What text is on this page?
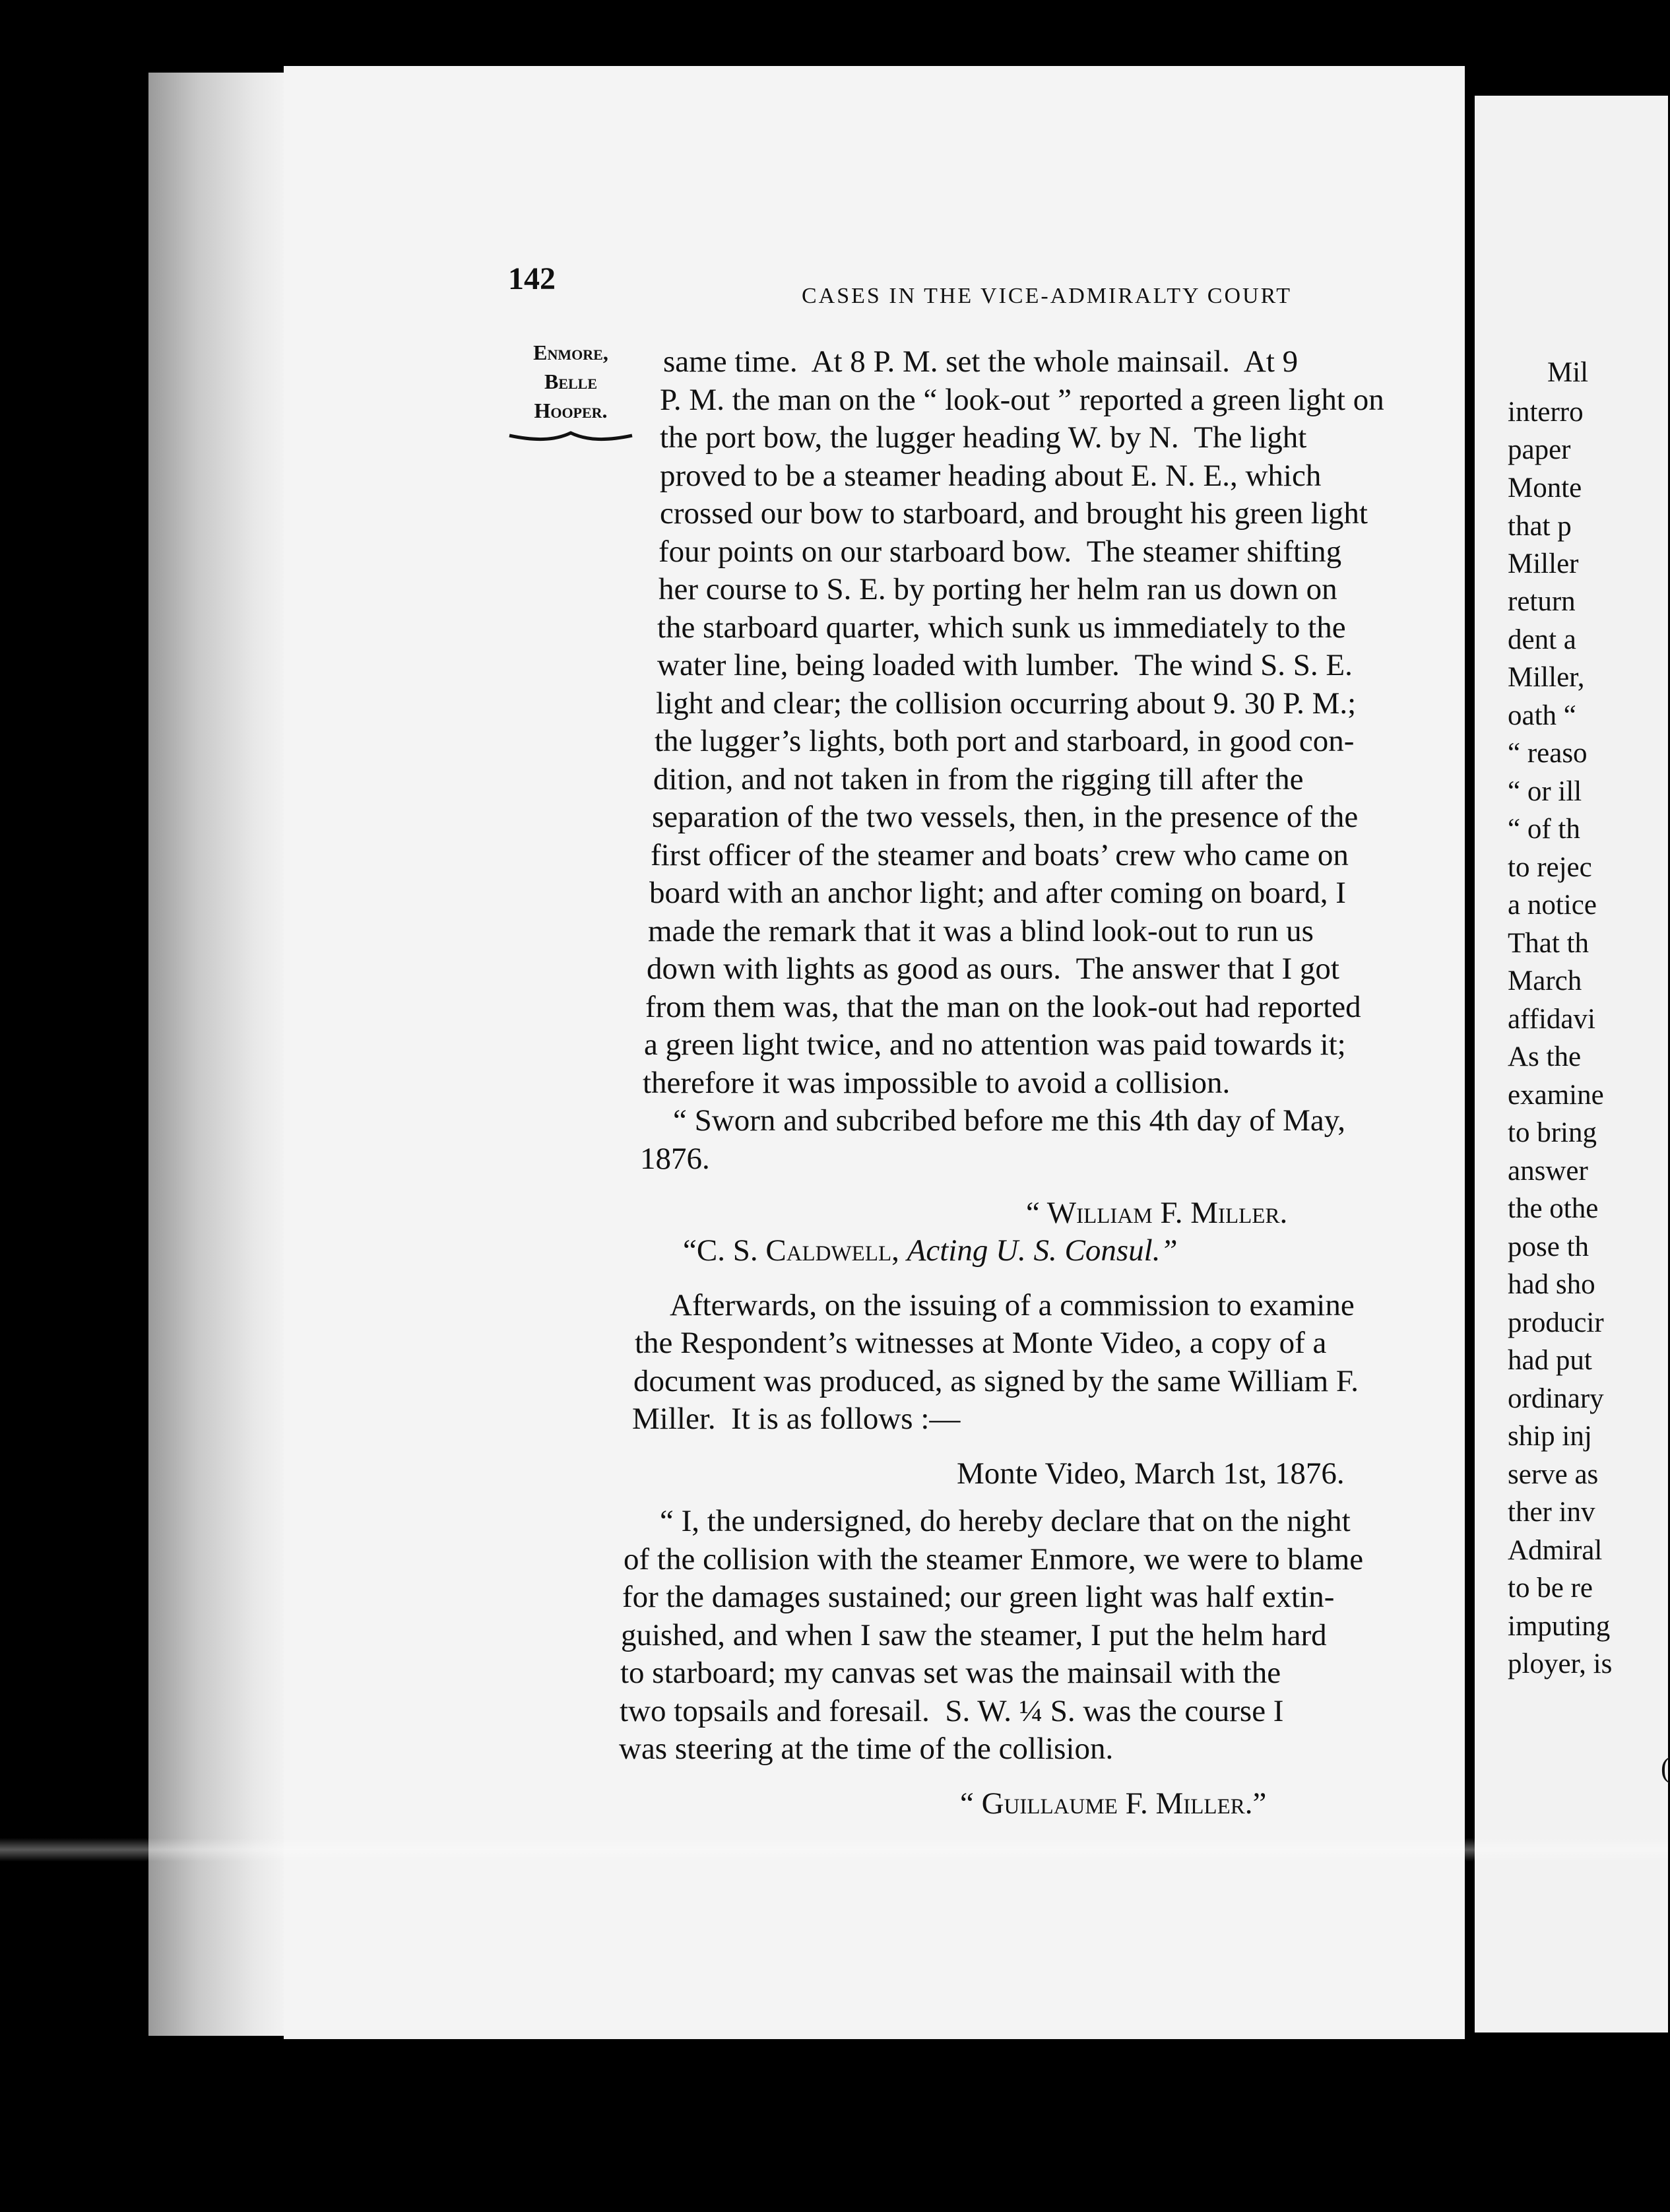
Mil
interro
paper
Monte
that p
Miller
return
dent a
Miller,
oath “
“ reaso
“ or ill
“ of th
to rejec
a notice
That th
March
affidavi
As the
examine
to bring
answer
the othe
pose th
had sho
producir
had put
ordinary
ship inj
serve as
ther inv
Admiral
to be re
imputing
ployer, is
(
142	CASES IN THE VICE-ADMIRALTY COURT
Enmore,
Belle
Hooper.
same time.  At 8 P. M. set the whole mainsail.  At 9
P. M. the man on the “ look-out ” reported a green light on
the port bow, the lugger heading W. by N.  The light
proved to be a steamer heading about E. N. E., which
crossed our bow to starboard, and brought his green light
four points on our starboard bow.  The steamer shifting
her course to S. E. by porting her helm ran us down on
the starboard quarter, which sunk us immediately to the
water line, being loaded with lumber.  The wind S. S. E.
light and clear; the collision occurring about 9. 30 P. M.;
the lugger’s lights, both port and starboard, in good con-
dition, and not taken in from the rigging till after the
separation of the two vessels, then, in the presence of the
first officer of the steamer and boats’ crew who came on
board with an anchor light; and after coming on board, I
made the remark that it was a blind look-out to run us
down with lights as good as ours.  The answer that I got
from them was, that the man on the look-out had reported
a green light twice, and no attention was paid towards it;
therefore it was impossible to avoid a collision.
“ Sworn and subcribed before me this 4th day of May,
1876.
“ William F. Miller.
“C. S. Caldwell, Acting U. S. Consul.”
Afterwards, on the issuing of a commission to examine
the Respondent’s witnesses at Monte Video, a copy of a
document was produced, as signed by the same William F.
Miller.  It is as follows :—
Monte Video, March 1st, 1876.
“ I, the undersigned, do hereby declare that on the night
of the collision with the steamer Enmore, we were to blame
for the damages sustained; our green light was half extin-
guished, and when I saw the steamer, I put the helm hard
to starboard; my canvas set was the mainsail with the
two topsails and foresail.  S. W. ¼ S. was the course I
was steering at the time of the collision.
“ Guillaume F. Miller.”
